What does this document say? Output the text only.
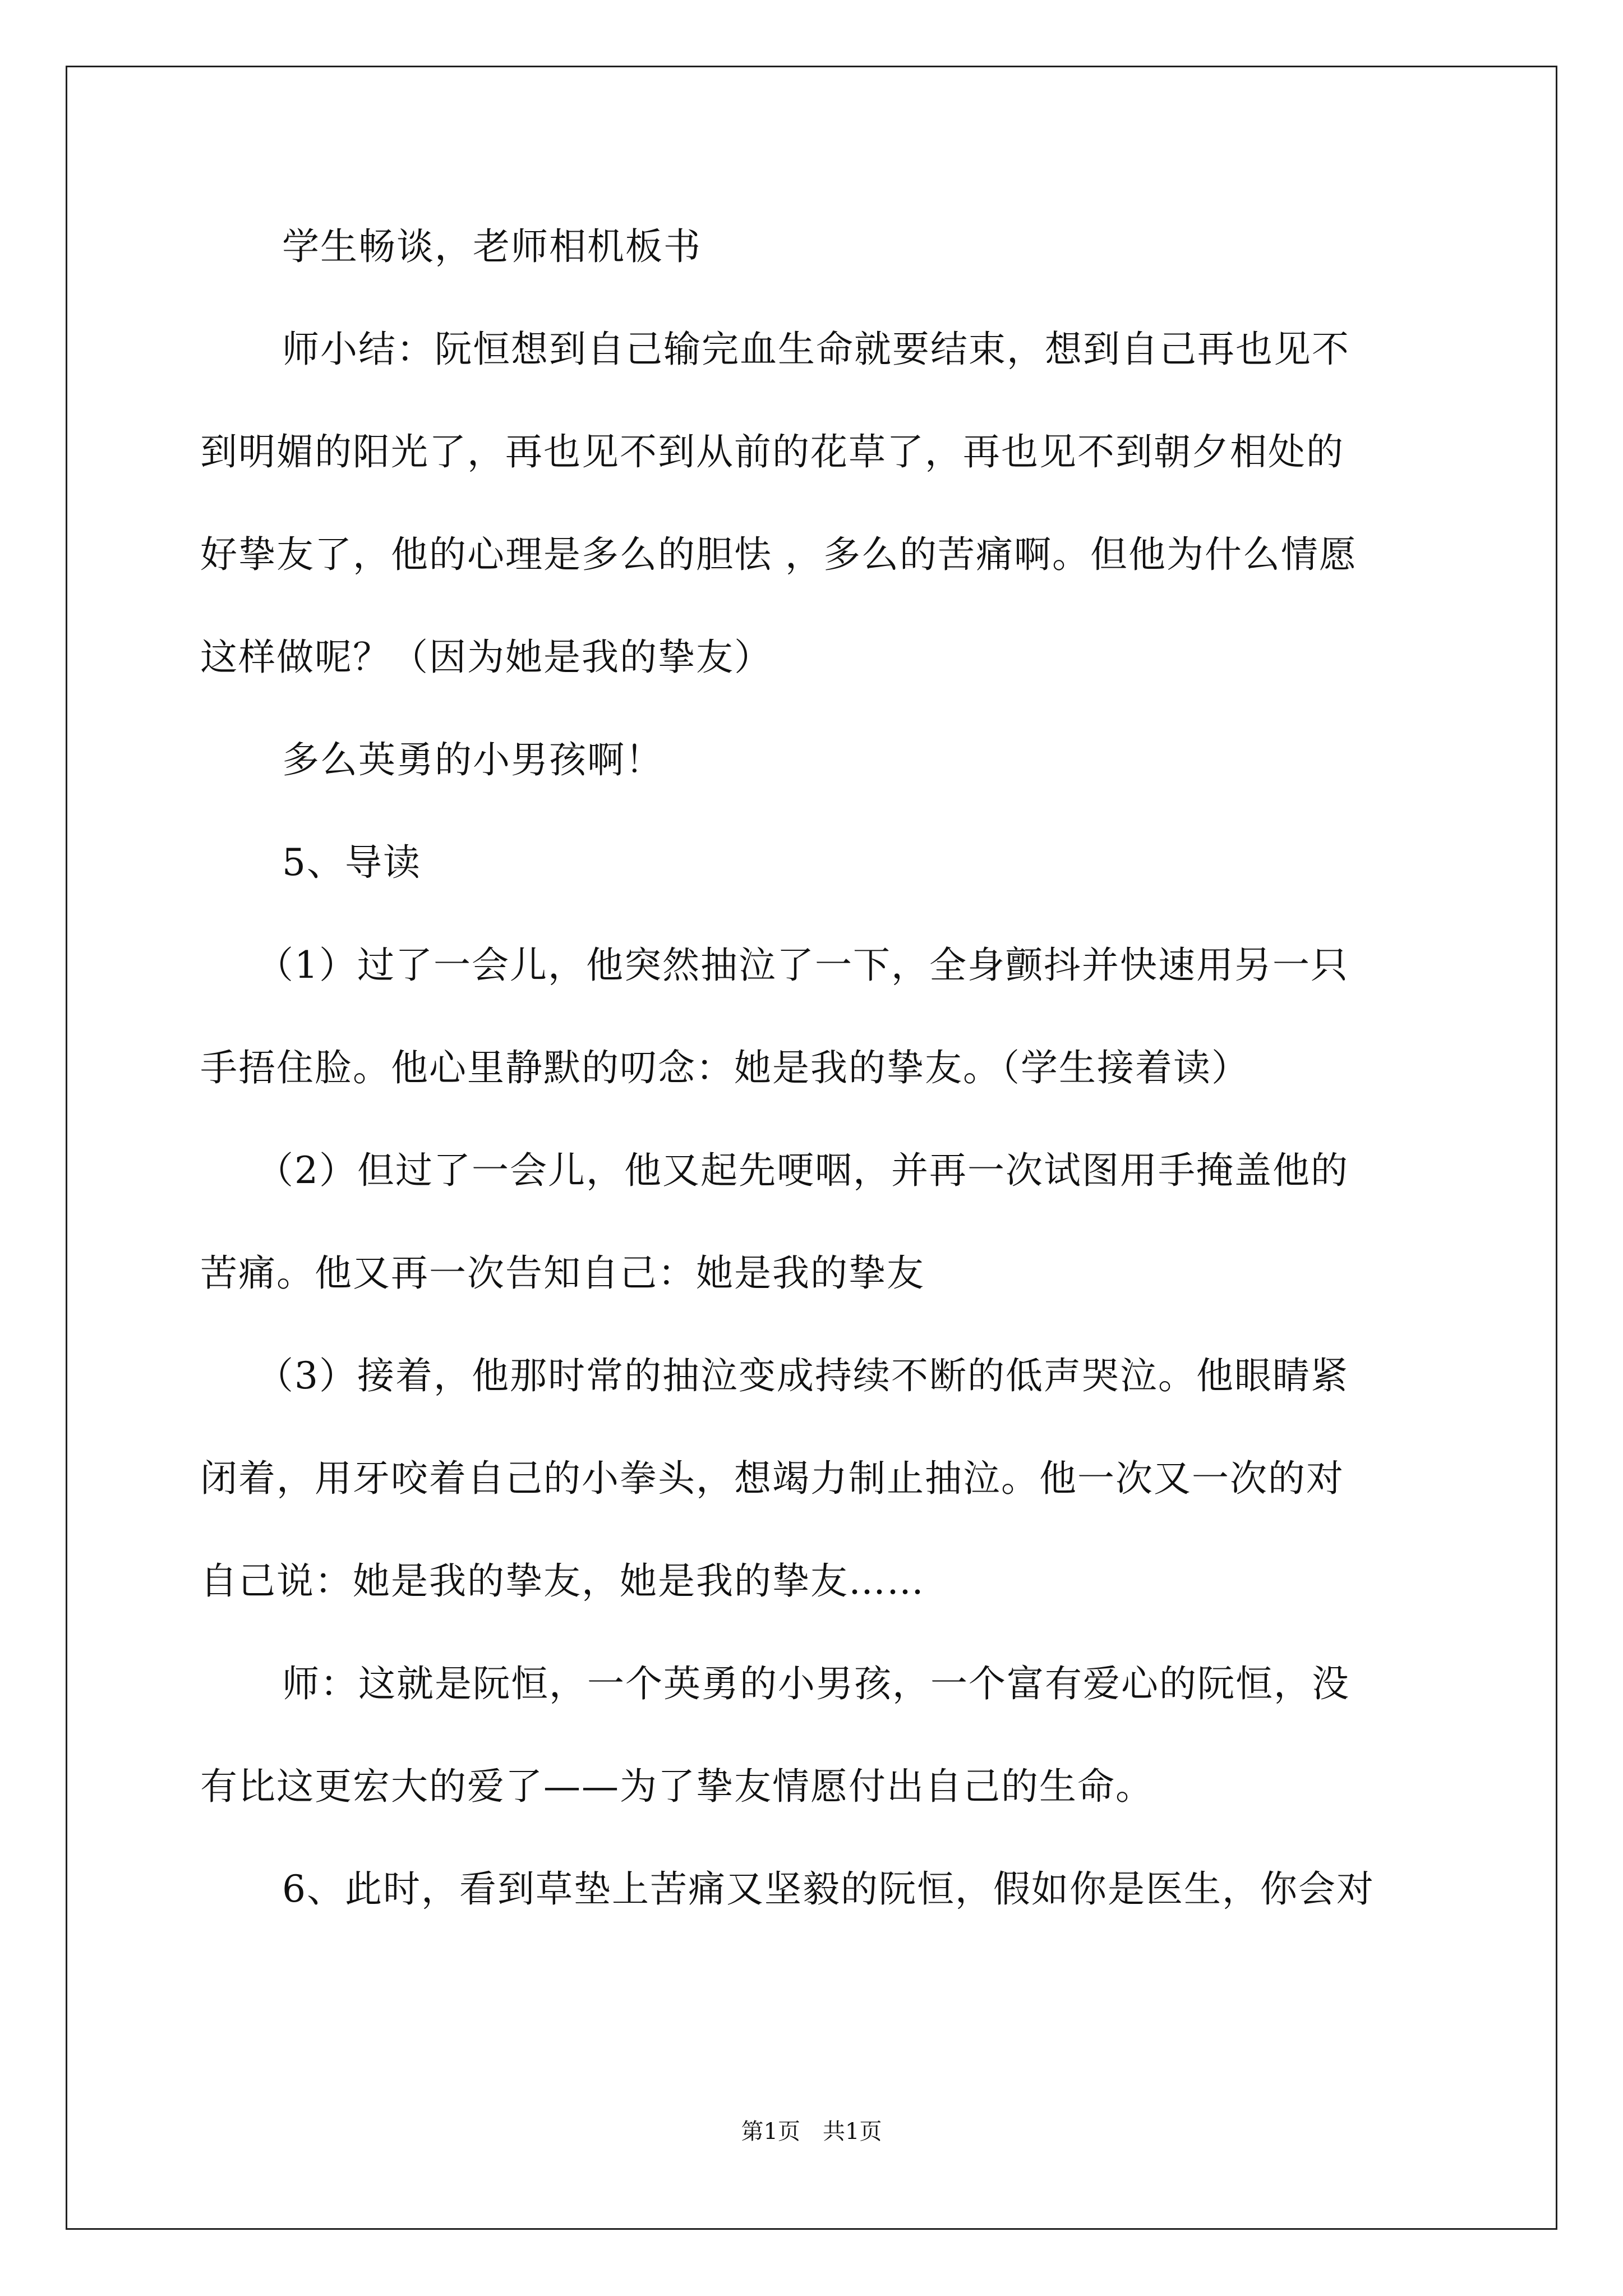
学生畅谈，老师相机板书
师小结：阮恒想到自己输完血生命就要结束，想到自己再也见不
到明媚的阳光了，再也见不到从前的花草了，再也见不到朝夕相处的
好挚友了，他的心理是多么的胆怯 ，多么的苦痛啊。但他为什么情愿
这样做呢？（因为她是我的挚友）
多么英勇的小男孩啊！
5、导读
（1）过了一会儿，他突然抽泣了一下，全身颤抖并快速用另一只
手捂住脸。他心里静默的叨念：她是我的挚友。（学生接着读）
（2）但过了一会儿，他又起先哽咽，并再一次试图用手掩盖他的
苦痛。他又再一次告知自己：她是我的挚友
（3）接着，他那时常的抽泣变成持续不断的低声哭泣。他眼睛紧
闭着，用牙咬着自己的小拳头，想竭力制止抽泣。他一次又一次的对
自己说：她是我的挚友，她是我的挚友……
师：这就是阮恒，一个英勇的小男孩，一个富有爱心的阮恒，没
有比这更宏大的爱了——为了挚友情愿付出自己的生命。
6、此时，看到草垫上苦痛又坚毅的阮恒，假如你是医生，你会对
第1页　共1页
